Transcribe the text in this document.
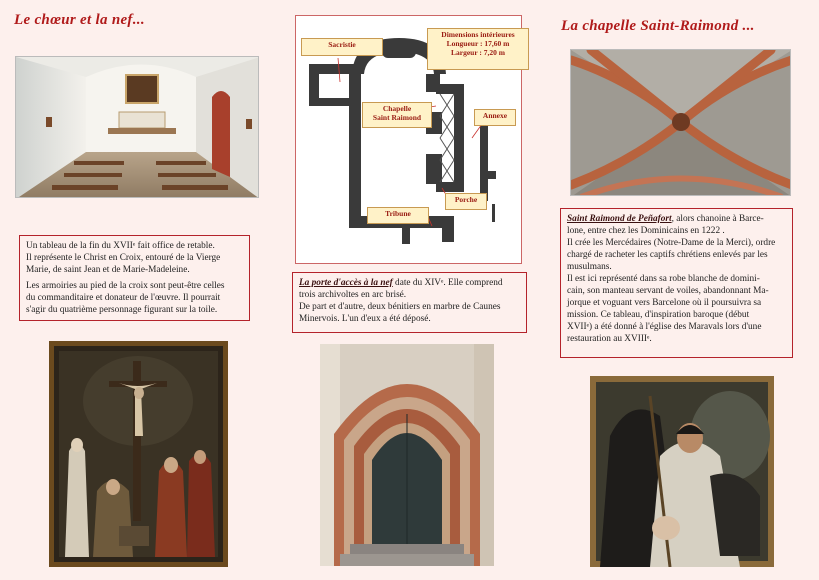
Le chœur et la nef...

Un tableau de la fin du XVIIᵉ fait office de retable.
Il représente le Christ en Croix, entouré de la Vierge
Marie, de saint Jean et de Marie-Madeleine.

Les armoiries au pied de la croix sont peut-être celles
du commanditaire et donateur de l'œuvre. Il pourrait
s'agir du quatrième personnage figurant sur la toile.

Sacristie
Dimensions intérieures
Longueur : 17,60 m
Largeur : 7,20 m
Chapelle
Saint Raimond	Annexe
Porche
Tribune
La porte d'accès à la nef date du XIVᵉ. Elle comprend
trois archivoltes en arc brisé.
De part et d'autre, deux bénitiers en marbre de Caunes
Minervois. L'un d'eux a été déposé.
La chapelle Saint-Raimond ...
Saint Raimond de Peñafort, alors chanoine à Barce-
lone, entre chez les Dominicains en 1222 .
Il crée les Mercédaires (Notre-Dame de la Merci), ordre
chargé de racheter les captifs chrétiens enlevés par les
musulmans.
Il est ici représenté dans sa robe blanche de domini-
cain, son manteau servant de voiles, abandonnant Ma-
jorque et voguant vers Barcelone où il poursuivra sa
mission. Ce tableau, d'inspiration baroque (début
XVIIᵉ) a été donné à l'église des Maravals lors d'une
restauration au XVIIIᵉ.
